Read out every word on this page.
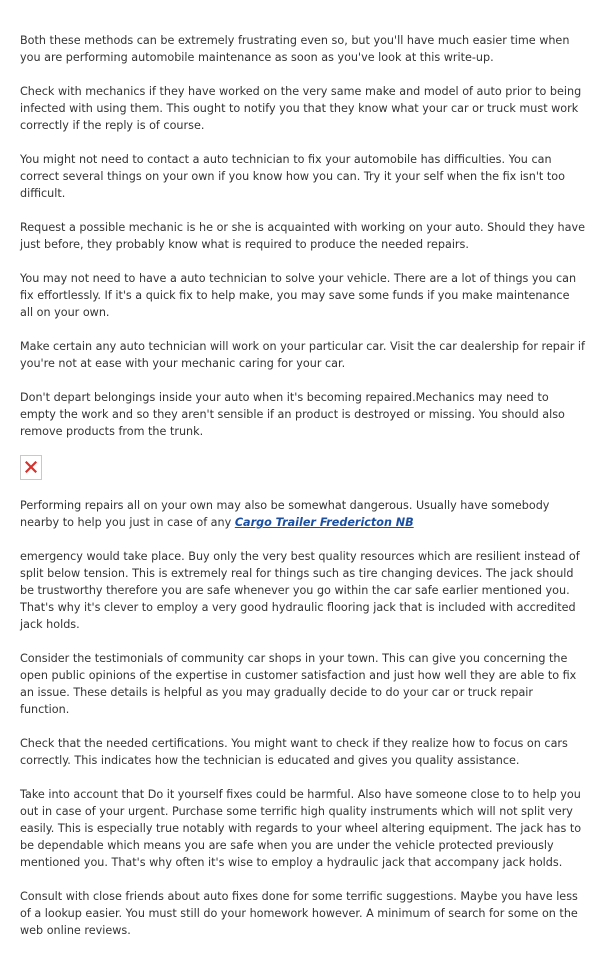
Both these methods can be extremely frustrating even so, but you'll have much easier time when you are performing automobile maintenance as soon as you've look at this write-up.

Check with mechanics if they have worked on the very same make and model of auto prior to being infected with using them. This ought to notify you that they know what your car or truck must work correctly if the reply is of course.

You might not need to contact a auto technician to fix your automobile has difficulties. You can correct several things on your own if you know how you can. Try it your self when the fix isn't too difficult.

Request a possible mechanic is he or she is acquainted with working on your auto. Should they have just before, they probably know what is required to produce the needed repairs.

You may not need to have a auto technician to solve your vehicle. There are a lot of things you can fix effortlessly. If it's a quick fix to help make, you may save some funds if you make maintenance all on your own.

Make certain any auto technician will work on your particular car. Visit the car dealership for repair if you're not at ease with your mechanic caring for your car.

Don't depart belongings inside your auto when it's becoming repaired.Mechanics may need to empty the work and so they aren't sensible if an product is destroyed or missing. You should also remove products from the trunk.

Performing repairs all on your own may also be somewhat dangerous. Usually have somebody nearby to help you just in case of any Cargo Trailer Fredericton NB

emergency would take place. Buy only the very best quality resources which are resilient instead of split below tension. This is extremely real for things such as tire changing devices. The jack should be trustworthy therefore you are safe whenever you go within the car safe earlier mentioned you. That's why it's clever to employ a very good hydraulic flooring jack that is included with accredited jack holds.

Consider the testimonials of community car shops in your town. This can give you concerning the open public opinions of the expertise in customer satisfaction and just how well they are able to fix an issue. These details is helpful as you may gradually decide to do your car or truck repair function.

Check that the needed certifications. You might want to check if they realize how to focus on cars correctly. This indicates how the technician is educated and gives you quality assistance.

Take into account that Do it yourself fixes could be harmful. Also have someone close to to help you out in case of your urgent. Purchase some terrific high quality instruments which will not split very easily. This is especially true notably with regards to your wheel altering equipment. The jack has to be dependable which means you are safe when you are under the vehicle protected previously mentioned you. That's why often it's wise to employ a hydraulic jack that accompany jack holds.

Consult with close friends about auto fixes done for some terrific suggestions. Maybe you have less of a lookup easier. You must still do your homework however. A minimum of search for some on the web online reviews.
